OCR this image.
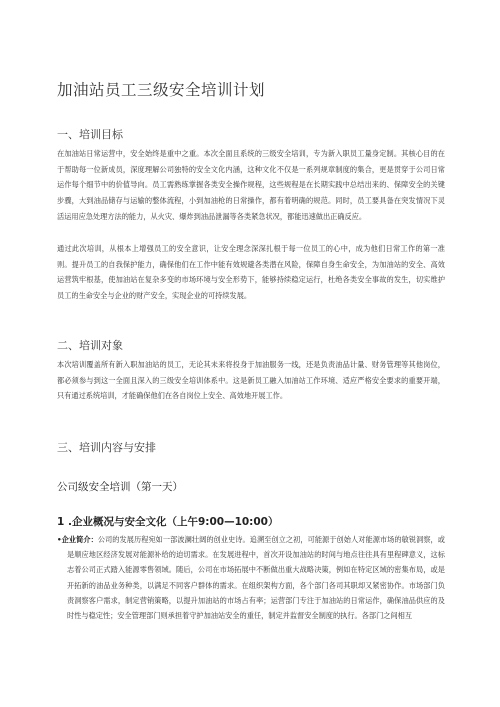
加油站员工三级安全培训计划
一、培训目标

在加油站日常运营中，安全始终是重中之重。本次全面且系统的三级安全培训，专为新入职员工量身定制。其核心目的在于帮助每一位新成员，深度理解公司独特的安全文化内涵，这种文化不仅是一系列规章制度的集合，更是贯穿于公司日常运作每个细节中的价值导向。员工需熟练掌握各类安全操作规程，这些规程是在长期实践中总结出来的、保障安全的关键步骤，大到油品储存与运输的整体流程，小到加油枪的日常操作，都有着明确的规范。同时，员工要具备在突发情况下灵活运用应急处理方法的能力，从火灾、爆炸到油品泄漏等各类紧急状况，都能迅速做出正确反应。

通过此次培训，从根本上增强员工的安全意识，让安全理念深深扎根于每一位员工的心中，成为他们日常工作的第一准则。提升员工的自我保护能力，确保他们在工作中能有效规避各类潜在风险，保障自身生命安全，为加油站的安全、高效运营筑牢根基，使加油站在复杂多变的市场环境与安全形势下，能够持续稳定运行，杜绝各类安全事故的发生，切实维护员工的生命安全与企业的财产安全，实现企业的可持续发展。

二、培训对象

本次培训覆盖所有新入职加油站的员工，无论其未来将投身于加油服务一线，还是负责油品计量、财务管理等其他岗位，都必须参与到这一全面且深入的三级安全培训体系中。这是新员工融入加油站工作环境、适应严格安全要求的重要开端，只有通过系统培训，才能确保他们在各自岗位上安全、高效地开展工作。

三、培训内容与安排
公司级安全培训（第一天）
1 .企业概况与安全文化（上午9:00—10:00）

•企业简介：公司的发展历程宛如一部波澜壮阔的创业史诗。追溯至创立之初，可能源于创始人对能源市场的敏锐洞察，或是顺应地区经济发展对能源补给的迫切需求。在发展进程中，首次开设加油站的时间与地点往往具有里程碑意义，这标志着公司正式踏入能源零售领域。随后，公司在市场拓展中不断做出重大战略决策，例如在特定区域的密集布局，或是开拓新的油品业务种类，以满足不同客户群体的需求。在组织架构方面，各个部门各司其职却又紧密协作。市场部门负责洞察客户需求，制定营销策略，以提升加油站的市场占有率；运营部门专注于加油站的日常运作，确保油品供应的及时性与稳定性；安全管理部门则承担着守护加油站安全的重任，制定并监督安全制度的执行。各部门之间相互
